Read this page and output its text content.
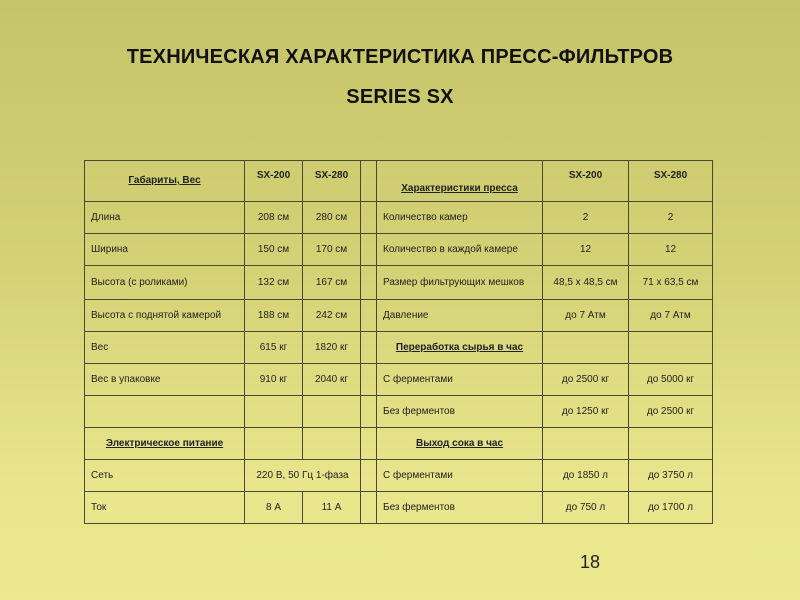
ТЕХНИЧЕСКАЯ ХАРАКТЕРИСТИКА ПРЕСС-ФИЛЬТРОВ
SERIES SX
Габариты, Вес	SX-200	SX-280		Характеристики пресса	SX-200	SX-280
Длина	208 см	280 см		Количество камер	2	2
Ширина	150 см	170 см		Количество в каждой камере	12	12
Высота (с роликами)	132 см	167 см		Размер фильтрующих мешков	48,5 х 48,5 см	71 х 63,5 см
Высота с поднятой камерой	188 см	242 см		Давление	до 7 Атм	до 7 Атм
Вес	615 кг	1820 кг		Переработка сырья в час		
Вес в упаковке	910 кг	2040 кг		С ферментами	до 2500 кг	до 5000 кг
				Без ферментов	до 1250 кг	до 2500 кг
Электрическое питание				Выход сока в час		
Сеть	220 В, 50 Гц 1-фаза			С ферментами	до 1850 л	до 3750 л
Ток	8 А	11 А		Без ферментов	до 750 л	до 1700 л
18
